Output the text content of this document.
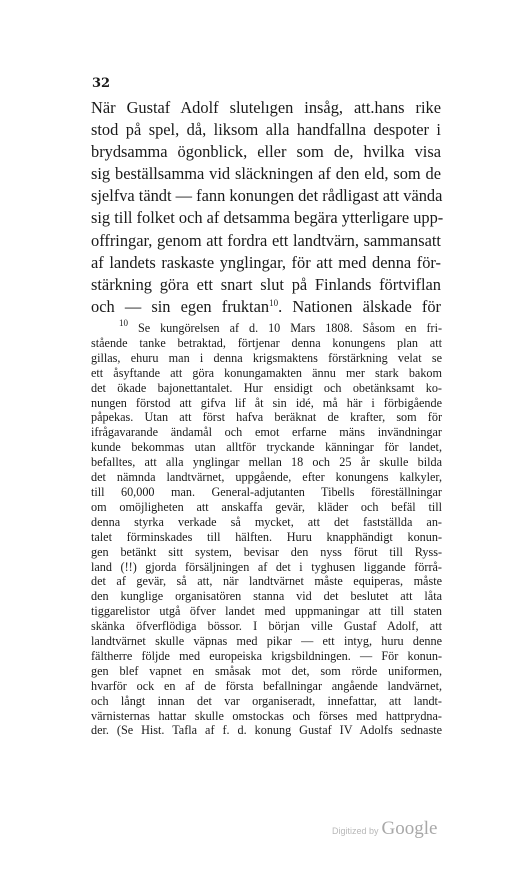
32
När Gustaf Adolf slutelıgen insåg, att.hans rike
stod på spel, då, liksom alla handfallna despoter i
brydsamma ögonblick, eller som de, hvilka visa
sig beställsamma vid släckningen af den eld, som de
sjelfva tändt — fann konungen det rådligast att vända
sig till folket och af detsamma begära ytterligare upp-
offringar, genom att fordra ett landtvärn, sammansatt
af landets raskaste ynglingar, för att med denna för-
stärkning göra ett snart slut på Finlands förtviflan
och — sin egen fruktan$^{10}$. Nationen älskade för
$^{10}$ Se kungörelsen af d. 10 Mars 1808. Såsom en fri-
stående tanke betraktad, förtjenar denna konungens plan att
gillas, ehuru man i denna krigsmaktens förstärkning velat se
ett åsyftande att göra konungamakten ännu mer stark bakom
det ökade bajonettantalet. Hur ensidigt och obetänksamt ko-
nungen förstod att gifva lif åt sin idé, må här i förbigående
påpekas. Utan att först hafva beräknat de krafter, som för
ifrågavarande ändamål och emot erfarne mäns invändningar
kunde bekommas utan alltför tryckande känningar för landet,
befalltes, att alla ynglingar mellan 18 och 25 år skulle bilda
det nämnda landtvärnet, uppgående, efter konungens kalkyler,
till 60,000 man. General-adjutanten Tibells föreställningar
om omöjligheten att anskaffa gevär, kläder och befäl till
denna styrka verkade så mycket, att det fastställda an-
talet förminskades till hälften. Huru knapphändigt konun-
gen betänkt sitt system, bevisar den nyss förut till Ryss-
land (!!) gjorda försäljningen af det i tyghusen liggande förrå-
det af gevär, så att, när landtvärnet måste equiperas, måste
den kunglige organisatören stanna vid det beslutet att låta
tiggarelistor utgå öfver landet med uppmaningar att till staten
skänka öfverflödiga bössor. I början ville Gustaf Adolf, att
landtvärnet skulle väpnas med pikar — ett intyg, huru denne
fältherre följde med europeiska krigsbildningen. — För konun-
gen blef vapnet en småsak mot det, som rörde uniformen,
hvarför ock en af de första befallningar angående landvärnet,
och långt innan det var organiseradt, innefattar, att landt-
värnisternas hattar skulle omstockas och förses med hattprydna-
der. (Se Hist. Tafla af f. d. konung Gustaf IV Adolfs sednaste
Digitized by Google
